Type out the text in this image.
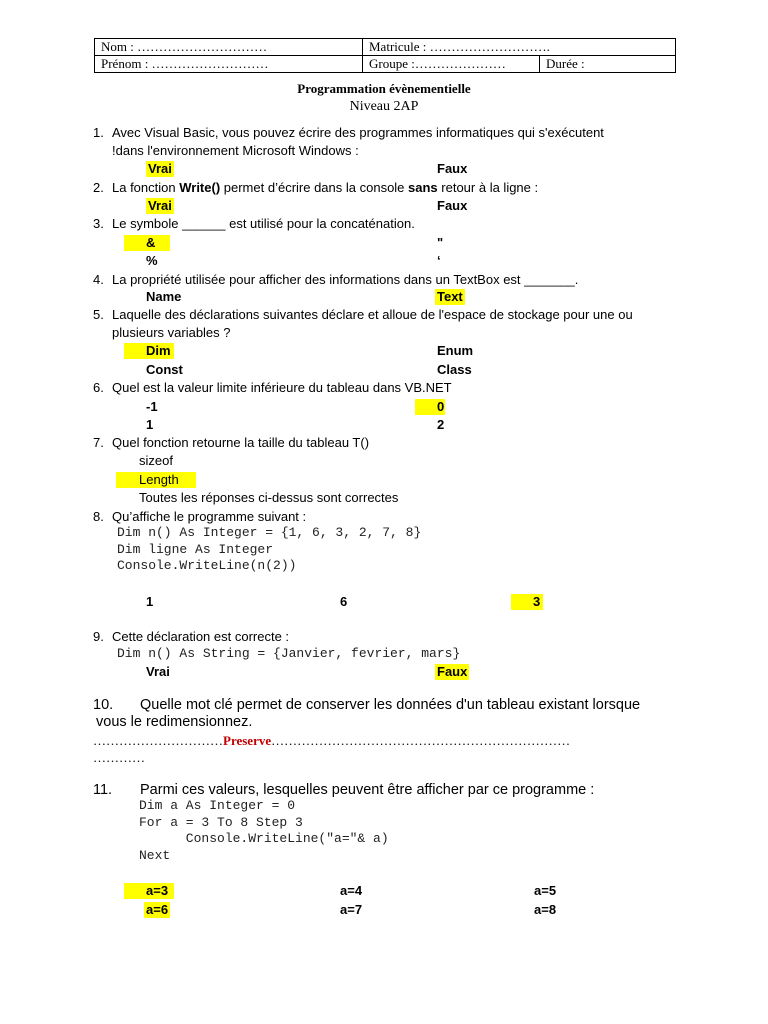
Nom : …………………………	Matricule : ……………………….	
Prénom : ………………………	Groupe :…………………	Durée :
Programmation évènementielle
Niveau 2AP
1. Avec Visual Basic, vous pouvez écrire des programmes informatiques qui s'exécutent
!dans l'environnement Microsoft Windows :
Vrai	Faux
2. La fonction Write() permet d’écrire dans la console sans retour à la ligne :
Vrai	Faux
3. Le symbole ______ est utilisé pour la concaténation.
&	"
%	‘
4. La propriété utilisée pour afficher des informations dans un TextBox est _______.
Name	Text
5. Laquelle des déclarations suivantes déclare et alloue de l'espace de stockage pour une ou
plusieurs variables ?
Dim	Enum
Const	Class
6. Quel est la valeur limite inférieure du tableau dans VB.NET
-1	0
1	2
7. Quel fonction retourne la taille du tableau T()
sizeof
Length
Toutes les réponses ci-dessus sont correctes
8. Qu’affiche le programme suivant :
Dim n() As Integer = {1, 6, 3, 2, 7, 8}
Dim ligne As Integer
Console.WriteLine(n(2))
1	6	3
9. Cette déclaration est correcte :
Dim n() As String = {Janvier, fevrier, mars}
Vrai	Faux
10. Quelle mot clé permet de conserver les données d'un tableau existant lorsque
vous le redimensionnez.
…………………………Preserve……………………………………………………………
…………
11. Parmi ces valeurs, lesquelles peuvent être afficher par ce programme :
Dim a As Integer = 0
For a = 3 To 8 Step 3
Console.WriteLine("a="& a)
Next
a=3	a=4	a=5
a=6	a=7	a=8
